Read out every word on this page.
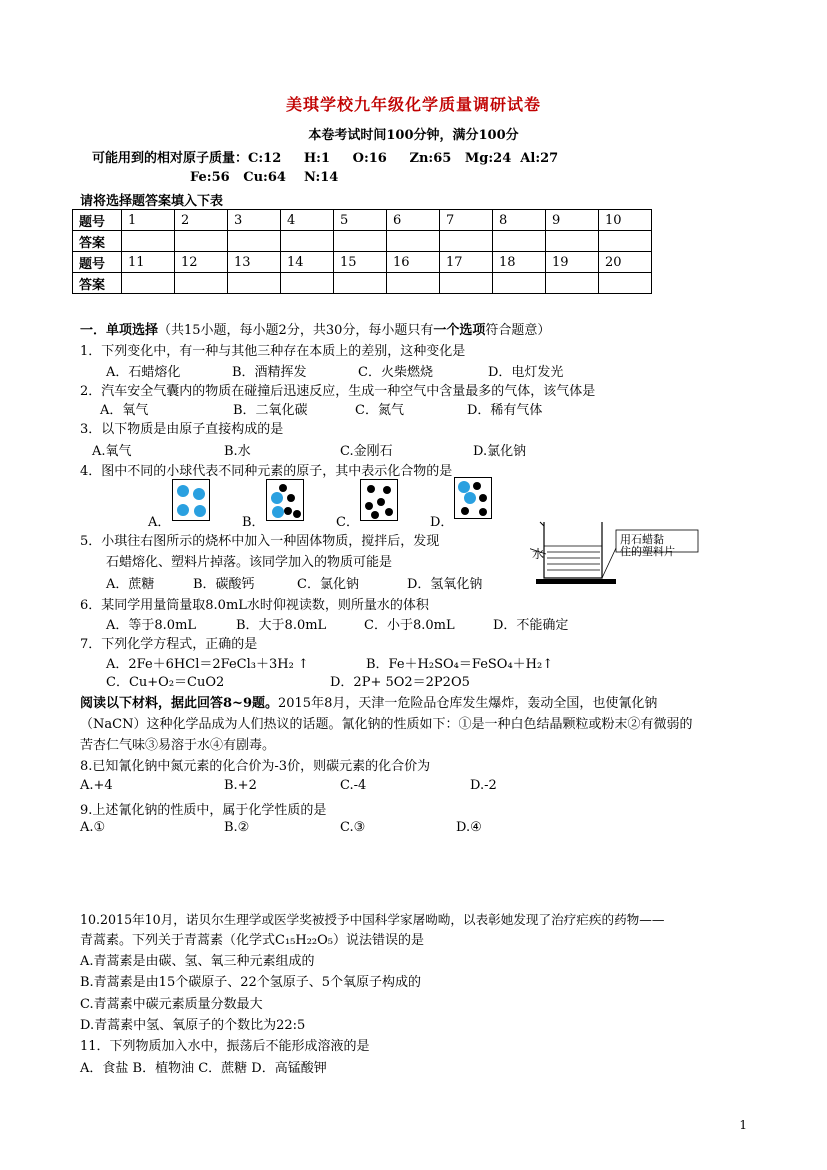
美琪学校九年级化学质量调研试卷
本卷考试时间100分钟，满分100分
可能用到的相对原子质量：C:12     H:1     O:16     Zn:65   Mg:24  Al:27
Fe:56   Cu:64    N:14
请将选择题答案填入下表
题号	1	2	3	4	5	6	7	8	9	10
答案										
题号	11	12	13	14	15	16	17	18	19	20
答案										
一．单项选择（共15小题，每小题2分，共30分，每小题只有一个选项符合题意）
1．下列变化中，有一种与其他三种存在本质上的差别，这种变化是
A．石蜡熔化	B．酒精挥发	C．火柴燃烧	D．电灯发光
2．汽车安全气囊内的物质在碰撞后迅速反应，生成一种空气中含量最多的气体，该气体是
A．氧气	B．二氧化碳	C．氮气	D．稀有气体
3．以下物质是由原子直接构成的是
A.氧气	B.水	C.金刚石	D.氯化钠
4．图中不同的小球代表不同种元素的原子，其中表示化合物的是
A．	B．	C．	D．
5．小琪往右图所示的烧杯中加入一种固体物质，搅拌后，发现
石蜡熔化、塑料片掉落。该同学加入的物质可能是
A．蔗糖	B．碳酸钙	C．氯化钠	D．氢氧化钠
水
用石蜡黏
住的塑料片
6．某同学用量筒量取8.0mL水时仰视读数，则所量水的体积
A．等于8.0mL	B．大于8.0mL	C．小于8.0mL	D．不能确定
7．下列化学方程式，正确的是
A．2Fe＋6HCl＝2FeCl₃＋3H₂ ↑	B．Fe＋H₂SO₄＝FeSO₄＋H₂↑
C．Cu+O₂＝CuO2	D．2P+ 5O2＝2P2O5
阅读以下材料，据此回答8~9题。2015年8月，天津一危险品仓库发生爆炸，轰动全国，也使氰化钠
（NaCN）这种化学品成为人们热议的话题。氰化钠的性质如下：①是一种白色结晶颗粒或粉末②有微弱的
苦杏仁气味③易溶于水④有剧毒。
8.已知氰化钠中氮元素的化合价为-3价，则碳元素的化合价为
A.+4	B.+2	C.-4	D.-2
9.上述氰化钠的性质中，属于化学性质的是
A.①	B.②	C.③	D.④
10.2015年10月，诺贝尔生理学或医学奖被授予中国科学家屠呦呦，以表彰她发现了治疗疟疾的药物——
青蒿素。下列关于青蒿素（化学式C₁₅H₂₂O₅）说法错误的是
A.青蒿素是由碳、氢、氧三种元素组成的
B.青蒿素是由15个碳原子、22个氢原子、5个氧原子构成的
C.青蒿素中碳元素质量分数最大
D.青蒿素中氢、氧原子的个数比为22:5
11．下列物质加入水中，振荡后不能形成溶液的是
A．食盐 B．植物油 C．蔗糖 D．高锰酸钾
1
